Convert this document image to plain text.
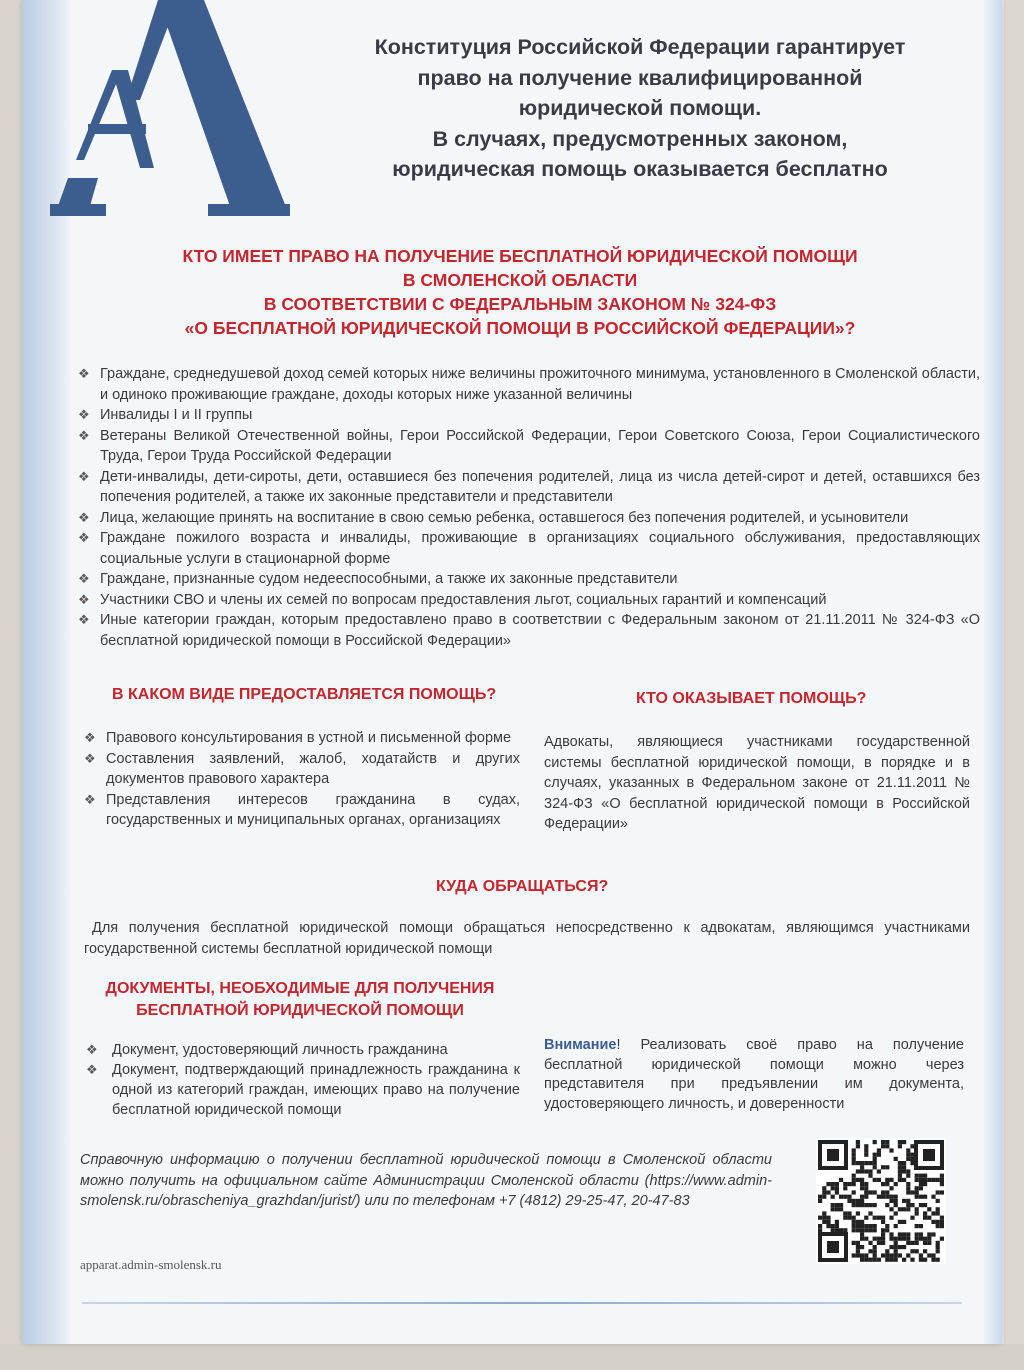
Конституция Российской Федерации гарантирует

право на получение квалифицированной

юридической помощи.

В случаях, предусмотренных законом,

юридическая помощь оказывается бесплатно

КТО ИМЕЕТ ПРАВО НА ПОЛУЧЕНИЕ БЕСПЛАТНОЙ ЮРИДИЧЕСКОЙ ПОМОЩИ
В СМОЛЕНСКОЙ ОБЛАСТИ
В СООТВЕТСТВИИ С ФЕДЕРАЛЬНЫМ ЗАКОНОМ № 324-ФЗ
«О БЕСПЛАТНОЙ ЮРИДИЧЕСКОЙ ПОМОЩИ В РОССИЙСКОЙ ФЕДЕРАЦИИ»?
❖ Граждане, среднедушевой доход семей которых ниже величины прожиточного минимума, установленного в Смоленской области, и одиноко проживающие граждане, доходы которых ниже указанной величины
❖ Инвалиды I и II группы
❖ Ветераны Великой Отечественной войны, Герои Российской Федерации, Герои Советского Союза, Герои Социалистического Труда, Герои Труда Российской Федерации
❖ Дети-инвалиды, дети-сироты, дети, оставшиеся без попечения родителей, лица из числа детей-сирот и детей, оставшихся без попечения родителей, а также их законные представители и представители
❖ Лица, желающие принять на воспитание в свою семью ребенка, оставшегося без попечения родителей, и усыновители
❖ Граждане пожилого возраста и инвалиды, проживающие в организациях социального обслуживания, предоставляющих социальные услуги в стационарной форме
❖ Граждане, признанные судом недееспособными, а также их законные представители
❖ Участники СВО и члены их семей по вопросам предоставления льгот, социальных гарантий и компенсаций
❖ Иные категории граждан, которым предоставлено право в соответствии с Федеральным законом от 21.11.2011 № 324-ФЗ «О бесплатной юридической помощи в Российской Федерации»
В КАКОМ ВИДЕ ПРЕДОСТАВЛЯЕТСЯ ПОМОЩЬ?	КТО ОКАЗЫВАЕТ ПОМОЩЬ?
❖ Правового консультирования в устной и письменной форме
❖ Составления заявлений, жалоб, ходатайств и других документов правового характера
❖ Представления интересов гражданина в судах, государственных и муниципальных органах, организациях

Адвокаты, являющиеся участниками государственной системы бесплатной юридической помощи, в порядке и в случаях, указанных в Федеральном законе от 21.11.2011 № 324-ФЗ «О бесплатной юридической помощи в Российской Федерации»

КУДА ОБРАЩАТЬСЯ?

Для получения бесплатной юридической помощи обращаться непосредственно к адвокатам, являющимся участниками государственной системы бесплатной юридической помощи

ДОКУМЕНТЫ, НЕОБХОДИМЫЕ ДЛЯ ПОЛУЧЕНИЯ
БЕСПЛАТНОЙ ЮРИДИЧЕСКОЙ ПОМОЩИ
❖ Документ, удостоверяющий личность гражданина
❖ Документ, подтверждающий принадлежность гражданина к одной из категорий граждан, имеющих право на получение бесплатной юридической помощи

Внимание! Реализовать своё право на получение бесплатной юридической помощи можно через представителя при предъявлении им документа, удостоверяющего личность, и доверенности

Справочную информацию о получении бесплатной юридической помощи в Смоленской области можно получить на официальном сайте Администрации Смоленской области (https://www.admin-smolensk.ru/obrascheniya_grazhdan/jurist/) или по телефонам +7 (4812) 29-25-47, 20-47-83

apparat.admin-smolensk.ru
